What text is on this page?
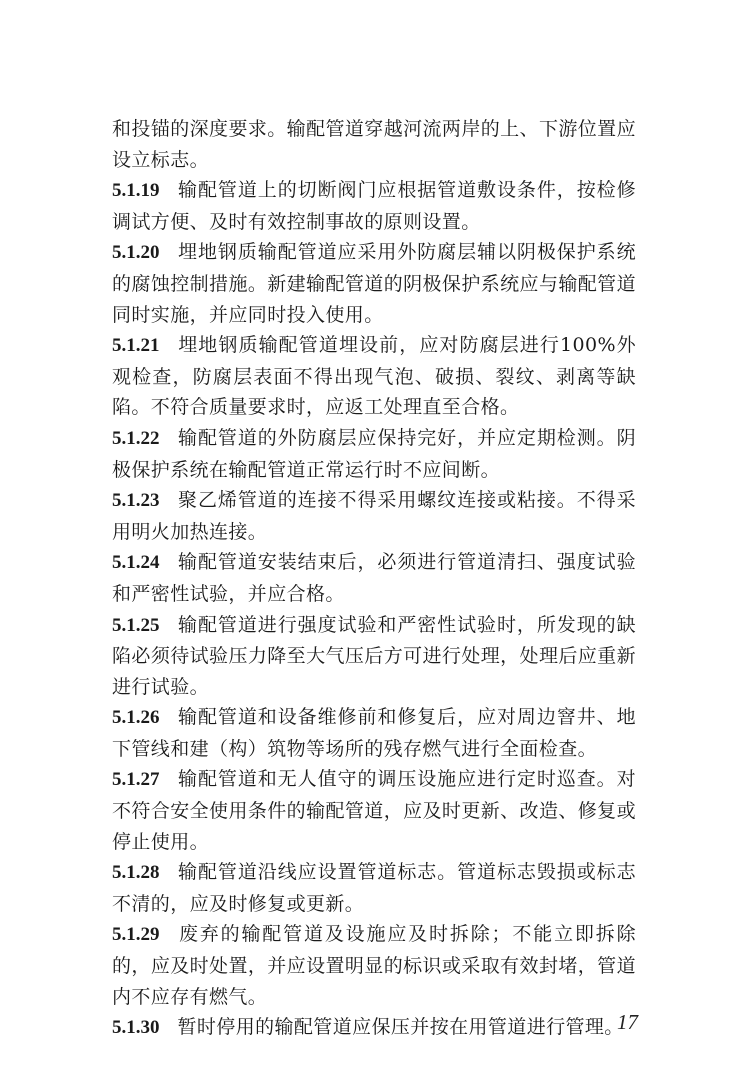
和投锚的深度要求。输配管道穿越河流两岸的上、下游位置应设立标志。

5.1.19 输配管道上的切断阀门应根据管道敷设条件，按检修调试方便、及时有效控制事故的原则设置。

5.1.20 埋地钢质输配管道应采用外防腐层辅以阴极保护系统的腐蚀控制措施。新建输配管道的阴极保护系统应与输配管道同时实施，并应同时投入使用。

5.1.21 埋地钢质输配管道埋设前，应对防腐层进行100%外观检查，防腐层表面不得出现气泡、破损、裂纹、剥离等缺陷。不符合质量要求时，应返工处理直至合格。

5.1.22 输配管道的外防腐层应保持完好，并应定期检测。阴极保护系统在输配管道正常运行时不应间断。

5.1.23 聚乙烯管道的连接不得采用螺纹连接或粘接。不得采用明火加热连接。

5.1.24 输配管道安装结束后，必须进行管道清扫、强度试验和严密性试验，并应合格。

5.1.25 输配管道进行强度试验和严密性试验时，所发现的缺陷必须待试验压力降至大气压后方可进行处理，处理后应重新进行试验。

5.1.26 输配管道和设备维修前和修复后，应对周边窨井、地下管线和建（构）筑物等场所的残存燃气进行全面检查。

5.1.27 输配管道和无人值守的调压设施应进行定时巡查。对不符合安全使用条件的输配管道，应及时更新、改造、修复或停止使用。

5.1.28 输配管道沿线应设置管道标志。管道标志毁损或标志不清的，应及时修复或更新。

5.1.29 废弃的输配管道及设施应及时拆除；不能立即拆除的，应及时处置，并应设置明显的标识或采取有效封堵，管道内不应存有燃气。

5.1.30 暂时停用的输配管道应保压并按在用管道进行管理。

17
